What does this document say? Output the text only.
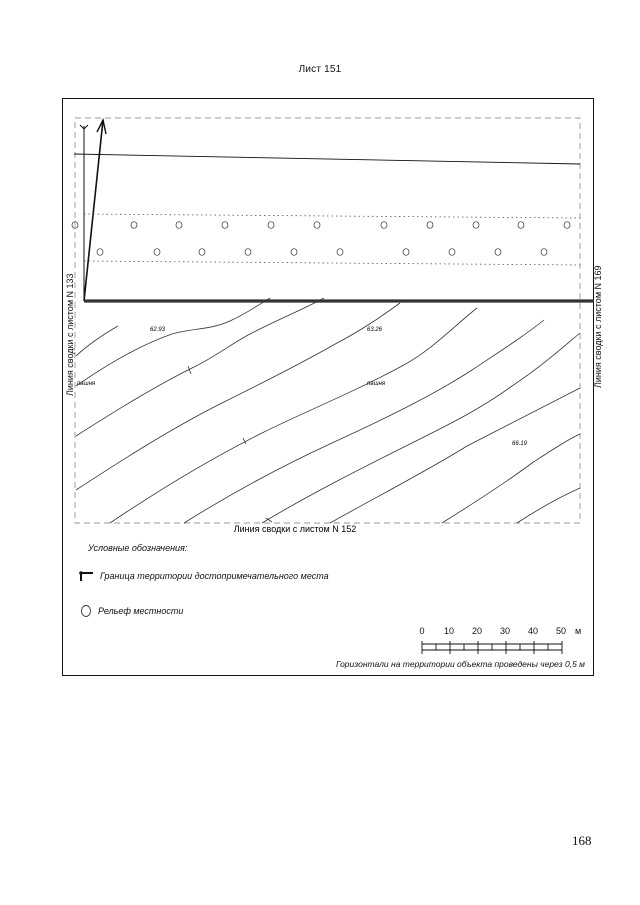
Лист 151
62.93	63.26
66.19
пашня	пашня
Линия сводки с листом N 152
Линия сводки с листом N 133	Линия сводки с листом N 169
Условные обозначения:
Граница территории достопримечательного места
Рельеф местности
0 10 20 30 40 50 м
Горизонтали на территории объекта проведены через 0,5 м
168
